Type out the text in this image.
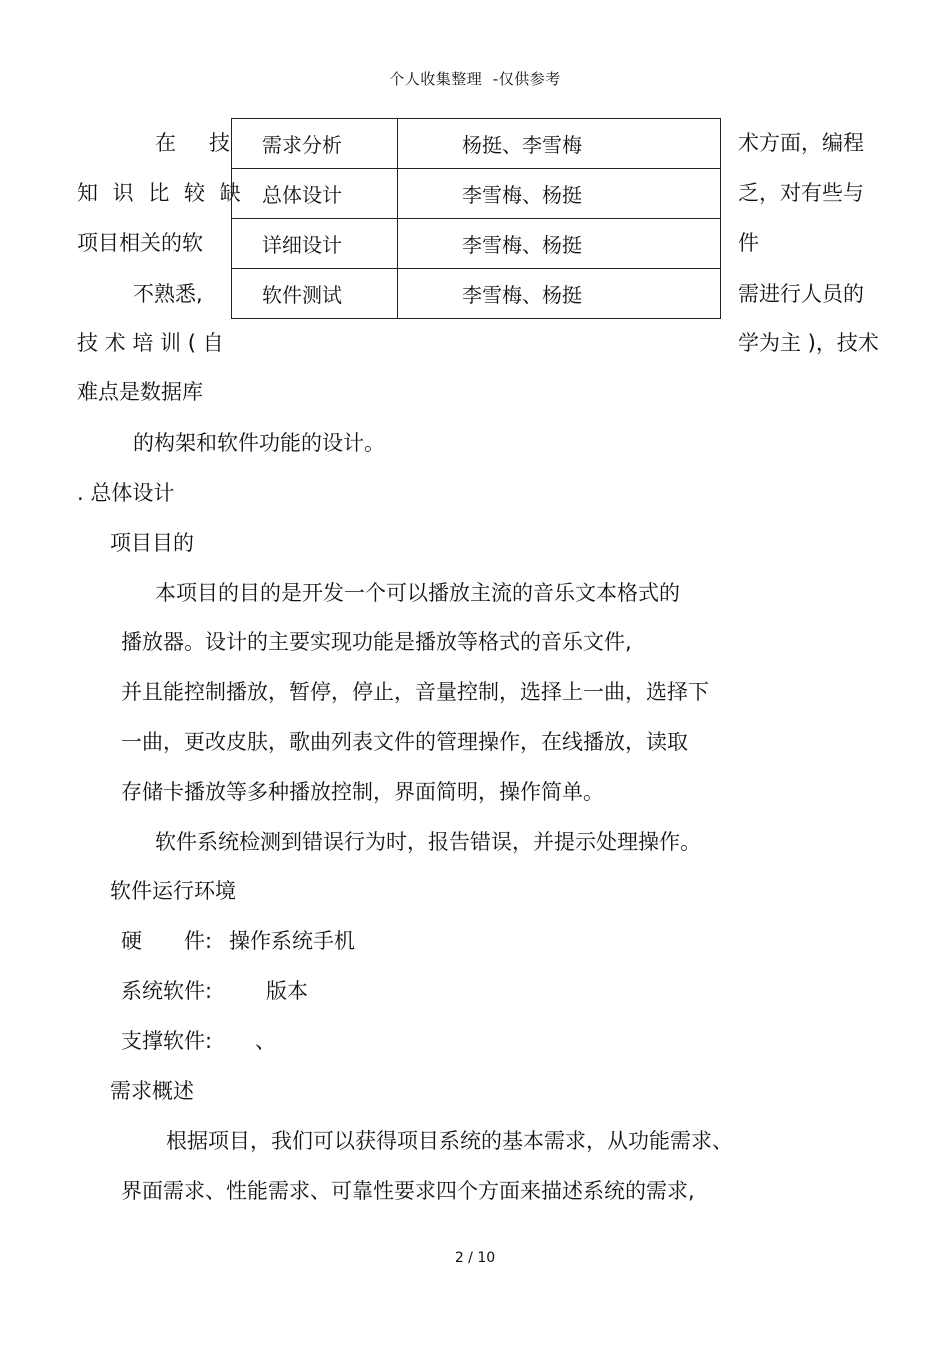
个人收集整理  -仅供参考
在　技
知 识 比 较 缺
项目相关的软
不熟悉,
技 术 培 训 ( 自
难点是数据库
术方面，编程
乏，对有些与
件
需进行人员的
学为主 )，技术
需求分析	杨挺、李雪梅
总体设计	李雪梅、杨挺
详细设计	李雪梅、杨挺
软件测试	李雪梅、杨挺
的构架和软件功能的设计。
. 总体设计
项目目的
本项目的目的是开发一个可以播放主流的音乐文本格式的
播放器。设计的主要实现功能是播放等格式的音乐文件,
并且能控制播放，暂停，停止，音量控制，选择上一曲，选择下
一曲，更改皮肤，歌曲列表文件的管理操作，在线播放，读取
存储卡播放等多种播放控制，界面简明，操作简单。
软件系统检测到错误行为时，报告错误，并提示处理操作。
软件运行环境
硬　　件: 操作系统手机
系统软件:	版本
支撑软件: 、
需求概述
根据项目，我们可以获得项目系统的基本需求，从功能需求、
界面需求、性能需求、可靠性要求四个方面来描述系统的需求,
2 / 10
